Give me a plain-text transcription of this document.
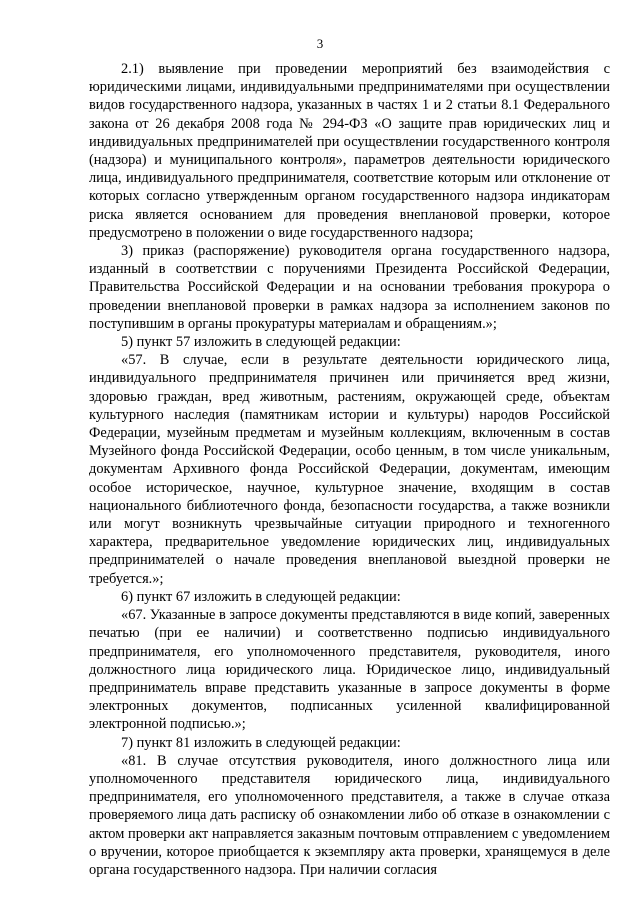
3

2.1) выявление при проведении мероприятий без взаимодействия с юридическими лицами, индивидуальными предпринимателями при осуществлении видов государственного надзора, указанных в частях 1 и 2 статьи 8.1 Федерального закона от 26 декабря 2008 года № 294-ФЗ «О защите прав юридических лиц и индивидуальных предпринимателей при осуществлении государственного контроля (надзора) и муниципального контроля», параметров деятельности юридического лица, индивидуального предпринимателя, соответствие которым или отклонение от которых согласно утвержденным органом государственного надзора индикаторам риска является основанием для проведения внеплановой проверки, которое предусмотрено в положении о виде государственного надзора;

3) приказ (распоряжение) руководителя органа государственного надзора, изданный в соответствии с поручениями Президента Российской Федерации, Правительства Российской Федерации и на основании требования прокурора о проведении внеплановой проверки в рамках надзора за исполнением законов по поступившим в органы прокуратуры материалам и обращениям.»;

5) пункт 57 изложить в следующей редакции:

«57. В случае, если в результате деятельности юридического лица, индивидуального предпринимателя причинен или причиняется вред жизни, здоровью граждан, вред животным, растениям, окружающей среде, объектам культурного наследия (памятникам истории и культуры) народов Российской Федерации, музейным предметам и музейным коллекциям, включенным в состав Музейного фонда Российской Федерации, особо ценным, в том числе уникальным, документам Архивного фонда Российской Федерации, документам, имеющим особое историческое, научное, культурное значение, входящим в состав национального библиотечного фонда, безопасности государства, а также возникли или могут возникнуть чрезвычайные ситуации природного и техногенного характера, предварительное уведомление юридических лиц, индивидуальных предпринимателей о начале проведения внеплановой выездной проверки не требуется.»;

6) пункт 67 изложить в следующей редакции:

«67. Указанные в запросе документы представляются в виде копий, заверенных печатью (при ее наличии) и соответственно подписью индивидуального предпринимателя, его уполномоченного представителя, руководителя, иного должностного лица юридического лица. Юридическое лицо, индивидуальный предприниматель вправе представить указанные в запросе документы в форме электронных документов, подписанных усиленной квалифицированной электронной подписью.»;

7) пункт 81 изложить в следующей редакции:

«81. В случае отсутствия руководителя, иного должностного лица или уполномоченного представителя юридического лица, индивидуального предпринимателя, его уполномоченного представителя, а также в случае отказа проверяемого лица дать расписку об ознакомлении либо об отказе в ознакомлении с актом проверки акт направляется заказным почтовым отправлением с уведомлением о вручении, которое приобщается к экземпляру акта проверки, хранящемуся в деле органа государственного надзора. При наличии согласия
